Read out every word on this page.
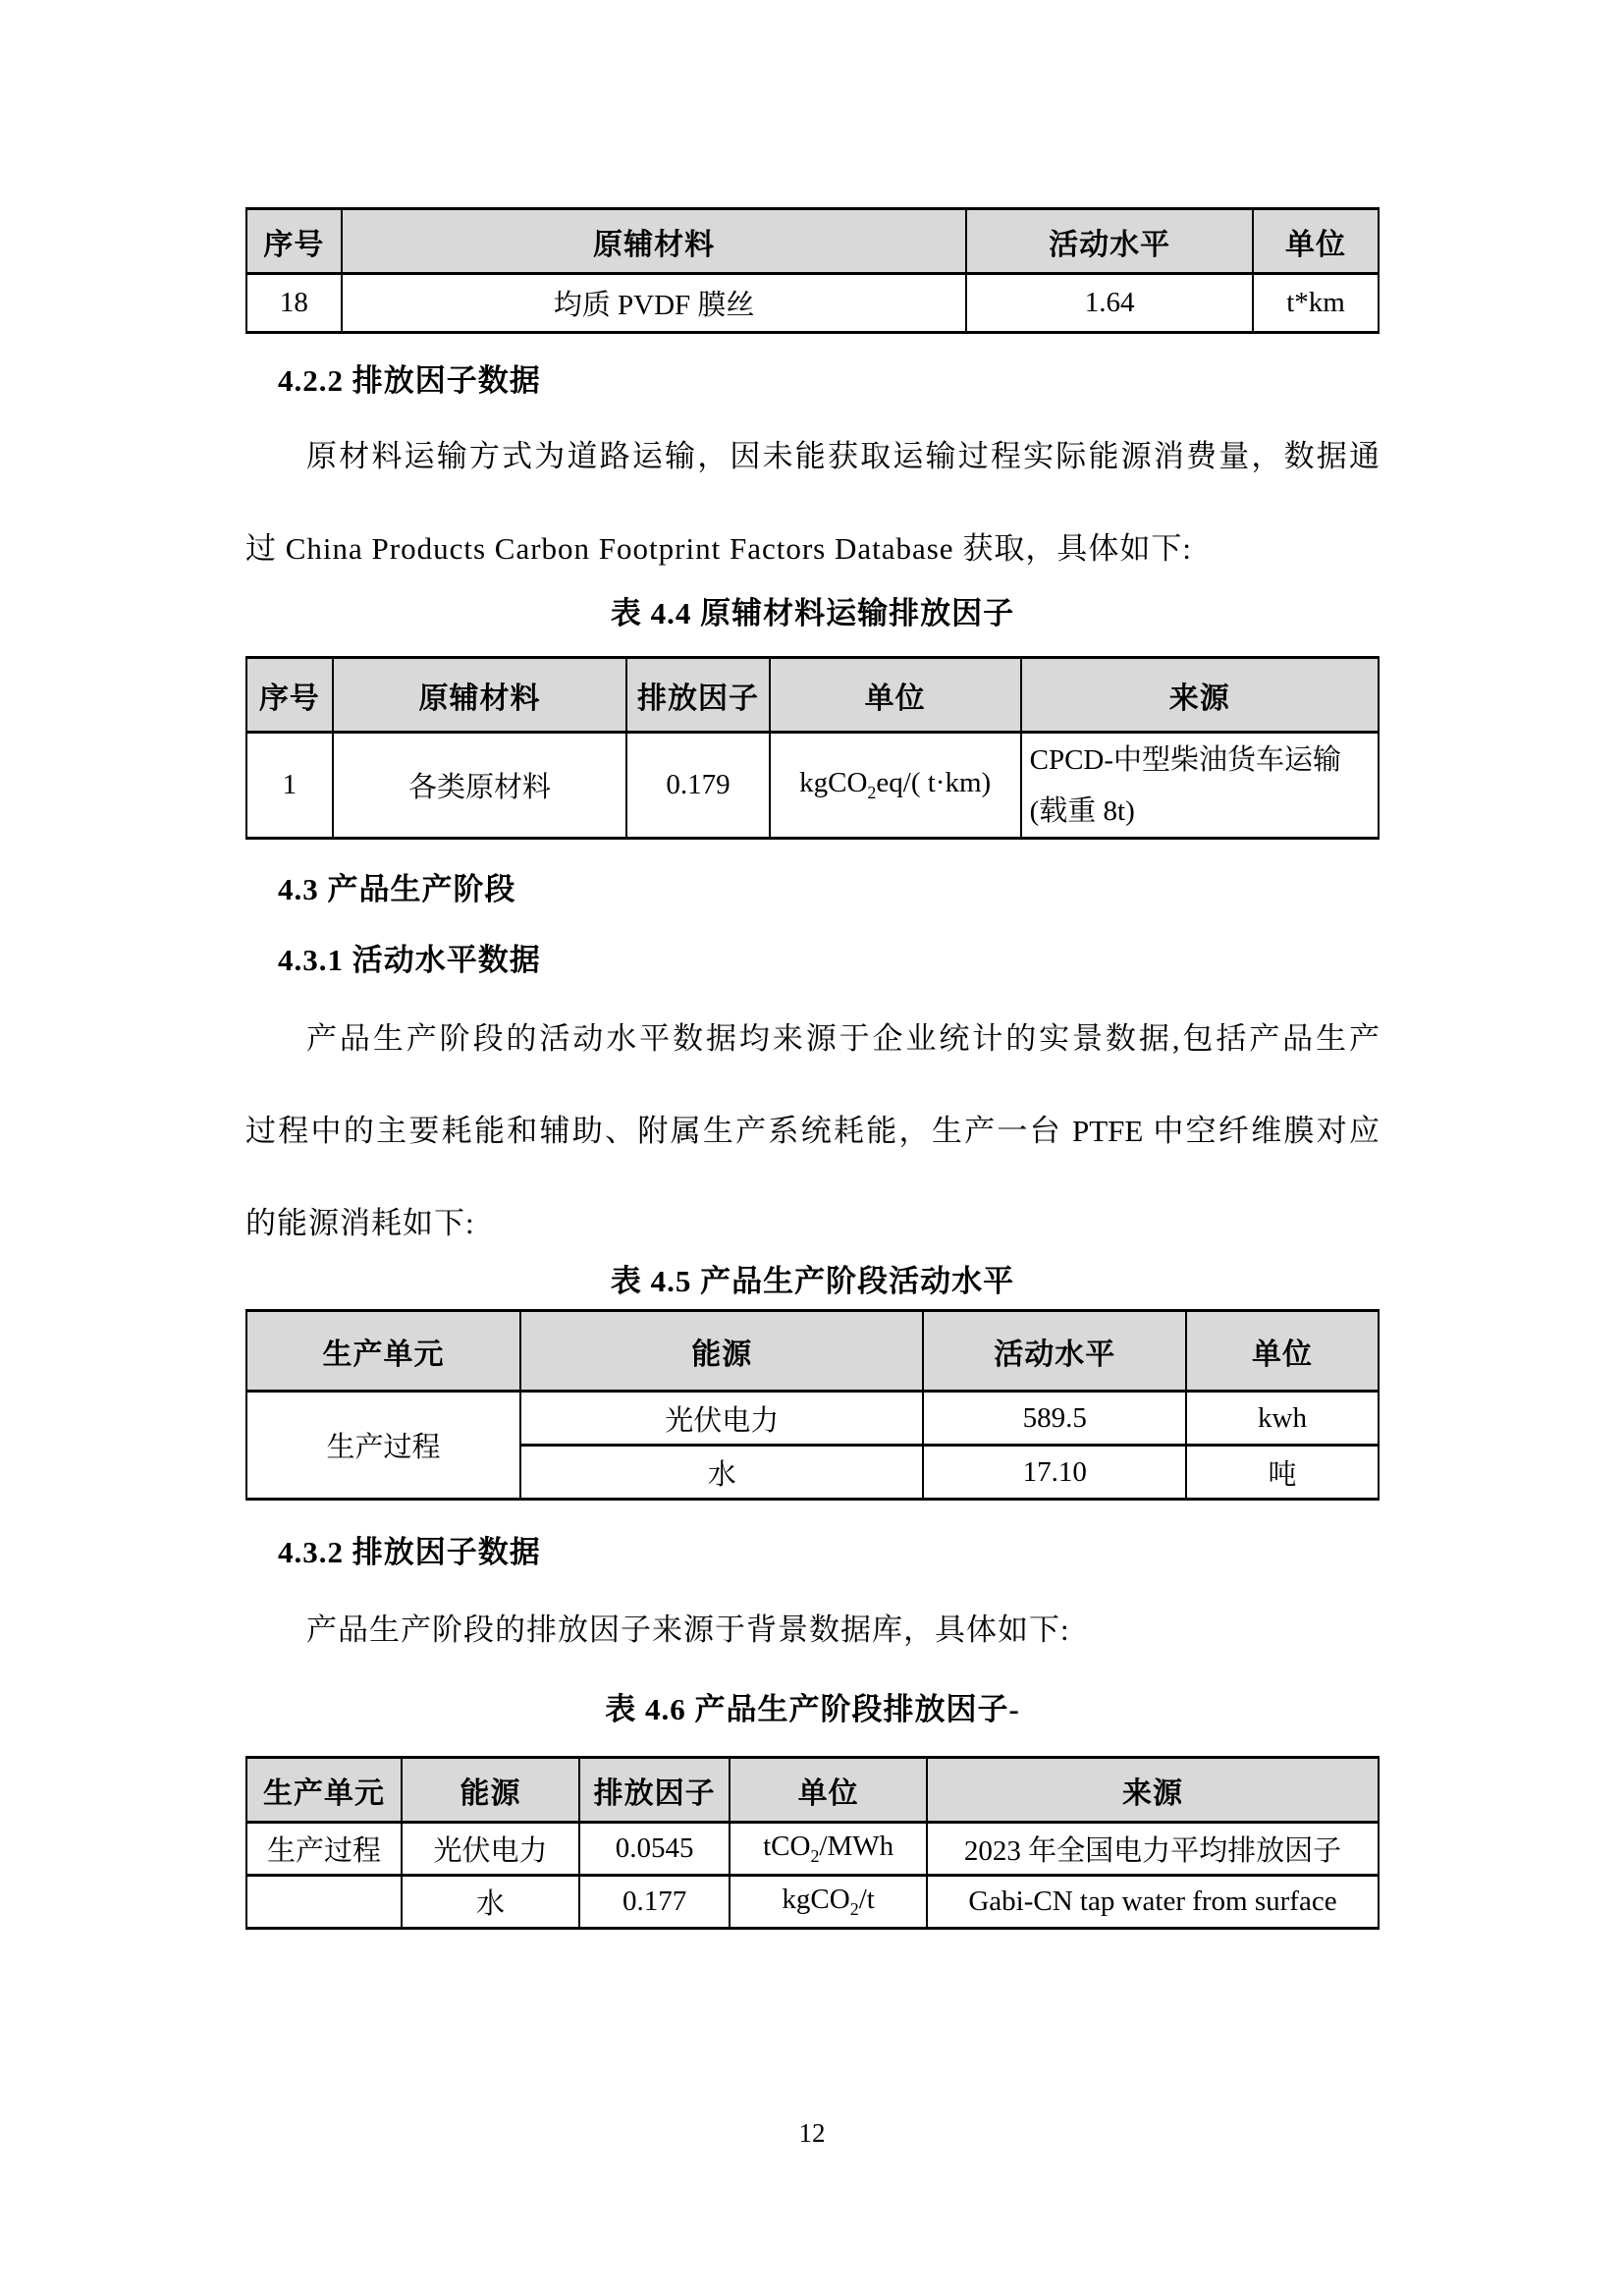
序号	原辅材料	活动水平	单位
18	均质 PVDF 膜丝	1.64	t*km
4.2.2 排放因子数据
原材料运输方式为道路运输，因未能获取运输过程实际能源消费量，数据通
过 China Products Carbon Footprint Factors Database 获取，具体如下:
表 4.4 原辅材料运输排放因子
序号	原辅材料	排放因子	单位	来源
1	各类原材料	0.179	kgCO$_2$eq/( t·km)	CPCD-中型柴油货车运输(载重 8t)
4.3 产品生产阶段
4.3.1 活动水平数据
产品生产阶段的活动水平数据均来源于企业统计的实景数据,包括产品生产
过程中的主要耗能和辅助、附属生产系统耗能，生产一台 PTFE 中空纤维膜对应
的能源消耗如下:
表 4.5 产品生产阶段活动水平
生产单元	能源	活动水平	单位
生产过程	光伏电力	589.5	kwh
	水	17.10	吨
4.3.2 排放因子数据
产品生产阶段的排放因子来源于背景数据库，具体如下:
表 4.6 产品生产阶段排放因子-
生产单元	能源	排放因子	单位	来源
生产过程	光伏电力	0.0545	tCO$_2$/MWh	2023 年全国电力平均排放因子
	水	0.177	kgCO$_2$/t	Gabi-CN tap water from surface
12
